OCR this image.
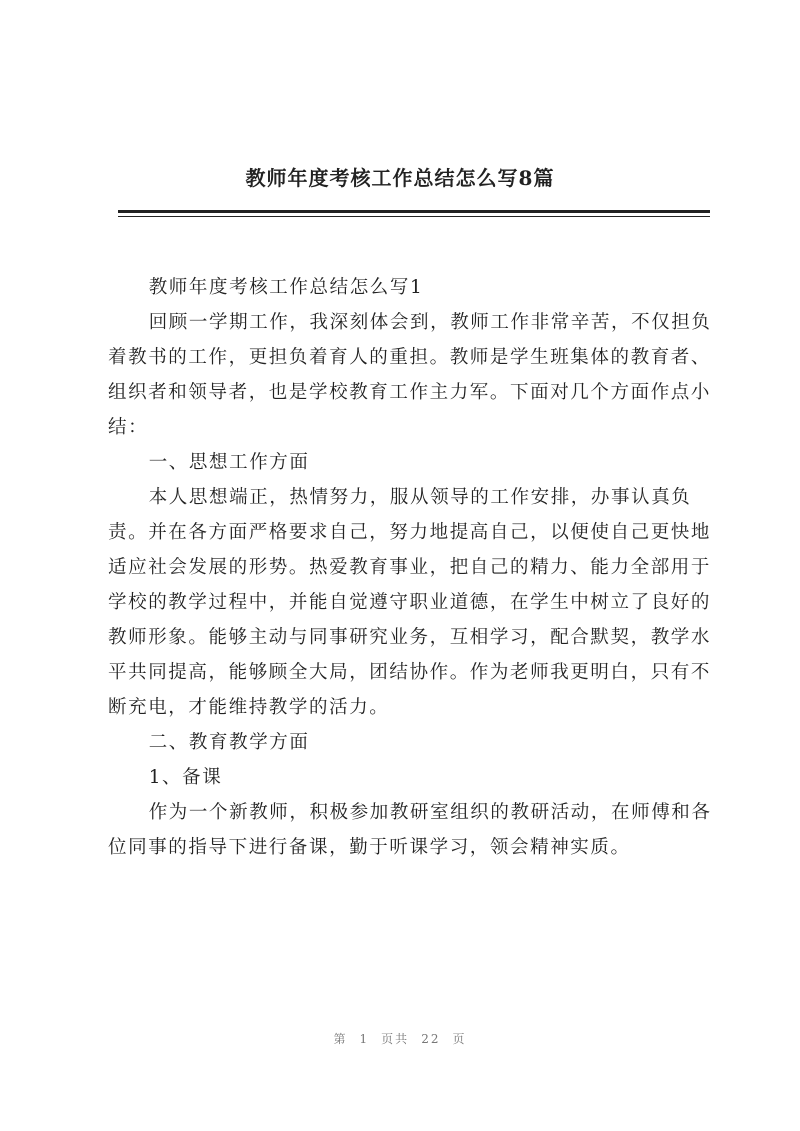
教师年度考核工作总结怎么写8篇

教师年度考核工作总结怎么写1

回顾一学期工作，我深刻体会到，教师工作非常辛苦，不仅担负着教书的工作，更担负着育人的重担。教师是学生班集体的教育者、组织者和领导者，也是学校教育工作主力军。下面对几个方面作点小结：

一、思想工作方面

本人思想端正，热情努力，服从领导的工作安排，办事认真负责。并在各方面严格要求自己，努力地提高自己，以便使自己更快地适应社会发展的形势。热爱教育事业，把自己的精力、能力全部用于学校的教学过程中，并能自觉遵守职业道德，在学生中树立了良好的教师形象。能够主动与同事研究业务，互相学习，配合默契，教学水平共同提高，能够顾全大局，团结协作。作为老师我更明白，只有不断充电，才能维持教学的活力。

二、教育教学方面

1、备课

作为一个新教师，积极参加教研室组织的教研活动，在师傅和各位同事的指导下进行备课，勤于听课学习，领会精神实质。

第 1 页共 22 页
